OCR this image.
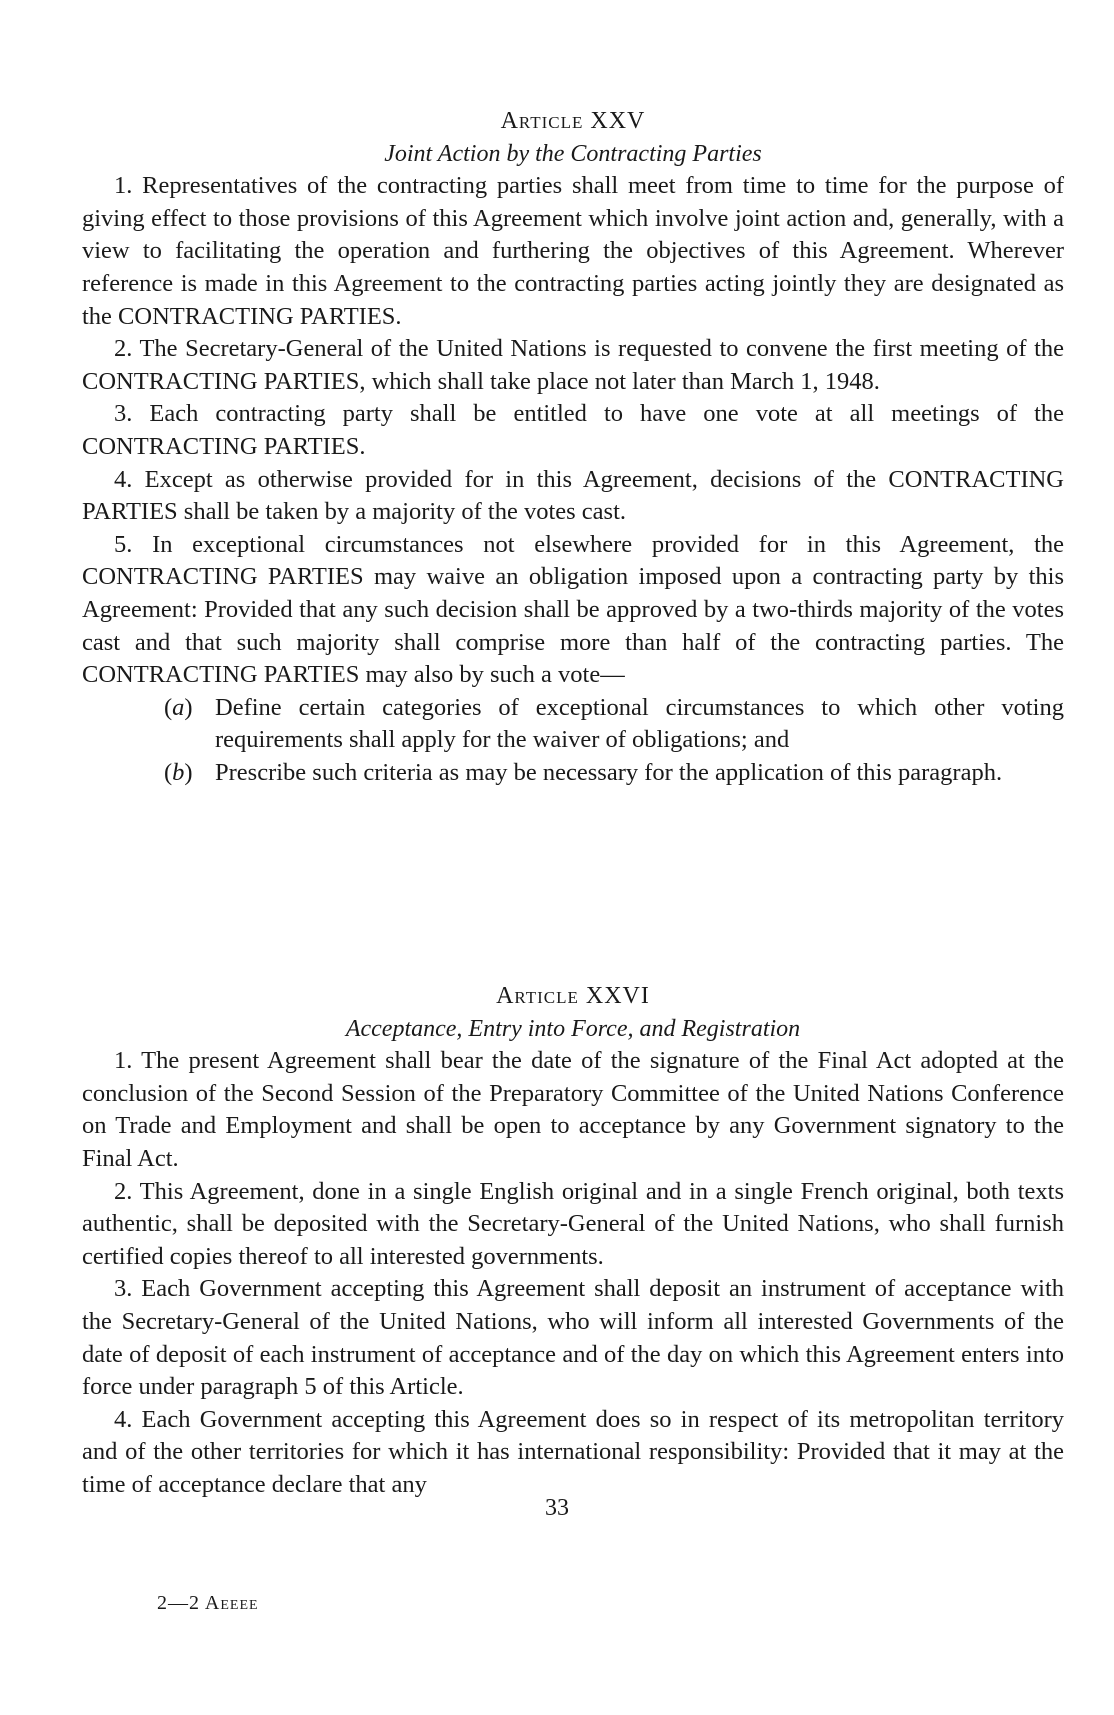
Article XXV
Joint Action by the Contracting Parties

1. Representatives of the contracting parties shall meet from time to time for the purpose of giving effect to those provisions of this Agreement which involve joint action and, generally, with a view to facilitating the operation and furthering the objectives of this Agreement. Wherever reference is made in this Agreement to the contracting parties acting jointly they are designated as the CONTRACTING PARTIES.

2. The Secretary-General of the United Nations is requested to convene the first meeting of the CONTRACTING PARTIES, which shall take place not later than March 1, 1948.

3. Each contracting party shall be entitled to have one vote at all meetings of the CONTRACTING PARTIES.

4. Except as otherwise provided for in this Agreement, decisions of the CONTRACTING PARTIES shall be taken by a majority of the votes cast.

5. In exceptional circumstances not elsewhere provided for in this Agreement, the CONTRACTING PARTIES may waive an obligation imposed upon a contracting party by this Agreement: Provided that any such decision shall be approved by a two-thirds majority of the votes cast and that such majority shall comprise more than half of the contracting parties. The CONTRACTING PARTIES may also by such a vote—

(a) Define certain categories of exceptional circumstances to which other voting requirements shall apply for the waiver of obligations; and
(b) Prescribe such criteria as may be necessary for the application of this paragraph.
Article XXVI
Acceptance, Entry into Force, and Registration

1. The present Agreement shall bear the date of the signature of the Final Act adopted at the conclusion of the Second Session of the Preparatory Committee of the United Nations Conference on Trade and Employment and shall be open to acceptance by any Government signatory to the Final Act.

2. This Agreement, done in a single English original and in a single French original, both texts authentic, shall be deposited with the Secretary-General of the United Nations, who shall furnish certified copies thereof to all interested governments.

3. Each Government accepting this Agreement shall deposit an instrument of acceptance with the Secretary-General of the United Nations, who will inform all interested Governments of the date of deposit of each instrument of acceptance and of the day on which this Agreement enters into force under paragraph 5 of this Article.

4. Each Government accepting this Agreement does so in respect of its metropolitan territory and of the other territories for which it has international responsibility: Provided that it may at the time of acceptance declare that any

33
2—2 Aeeee
